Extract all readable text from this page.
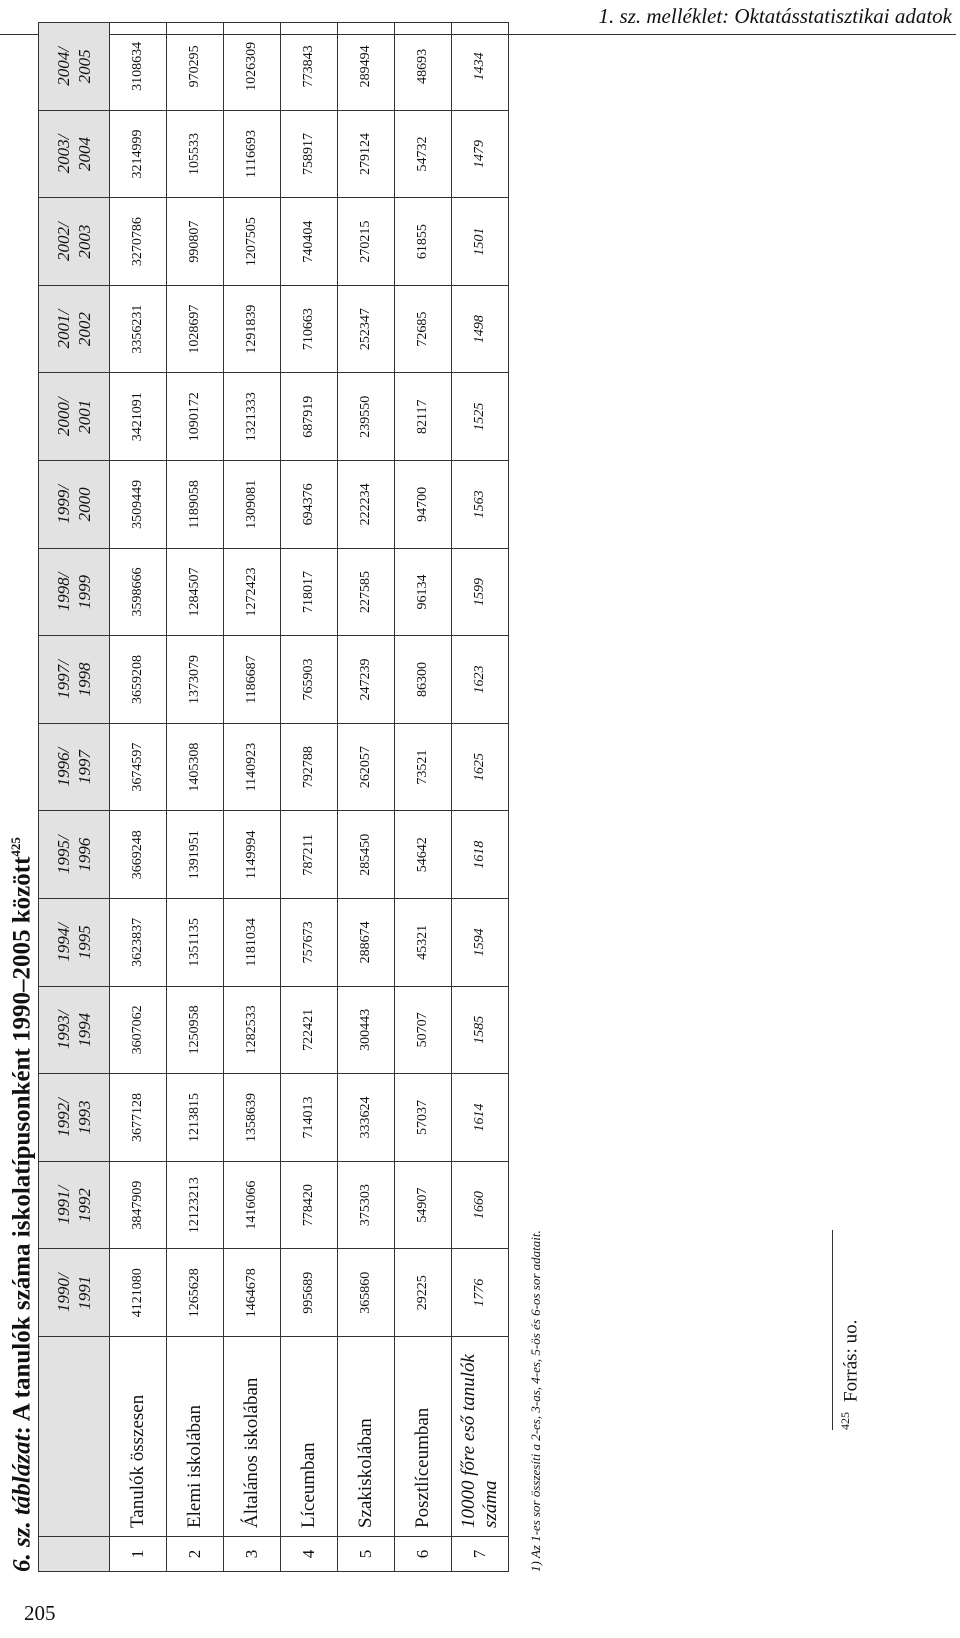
1. sz. melléklet: Oktatásstatisztikai adatok
6. sz. táblázat: A tanulók száma iskolatípusonként 1990–2005 között$^{425}$
		1990/ 1991	1991/ 1992	1992/ 1993	1993/ 1994	1994/ 1995	1995/ 1996	1996/ 1997	1997/ 1998	1998/ 1999	1999/ 2000	2000/ 2001	2001/ 2002	2002/ 2003	2003/ 2004	2004/ 2005
1	Tanulók összesen	4121080	3847909	3677128	3607062	3623837	3669248	3674597	3659208	3598666	3509449	3421091	3356231	3270786	3214999	3108634
2	Elemi iskolában	1265628	12123213	1213815	1250958	1351135	1391951	1405308	1373079	1284507	1189058	1090172	1028697	990807	105533	970295
3	Általános iskolában	1464678	1416066	1358639	1282533	1181034	1149994	1140923	1186687	1272423	1309081	1321333	1291839	1207505	1116693	1026309
4	Líceumban	995689	778420	714013	722421	757673	787211	792788	765903	718017	694376	687919	710663	740404	758917	773843
5	Szakiskolában	365860	375303	333624	300443	288674	285450	262057	247239	227585	222234	239550	252347	270215	279124	289494
6	Posztlíceumban	29225	54907	57037	50707	45321	54642	73521	86300	96134	94700	82117	72685	61855	54732	48693
7	10000 főre eső tanulók száma	1776	1660	1614	1585	1594	1618	1625	1623	1599	1563	1525	1498	1501	1479	1434
1) Az 1-es sor összesíti a 2-es, 3-as, 4-es, 5-ös és 6-os sor adatait.	$^{425}$Forrás: uo.
205
